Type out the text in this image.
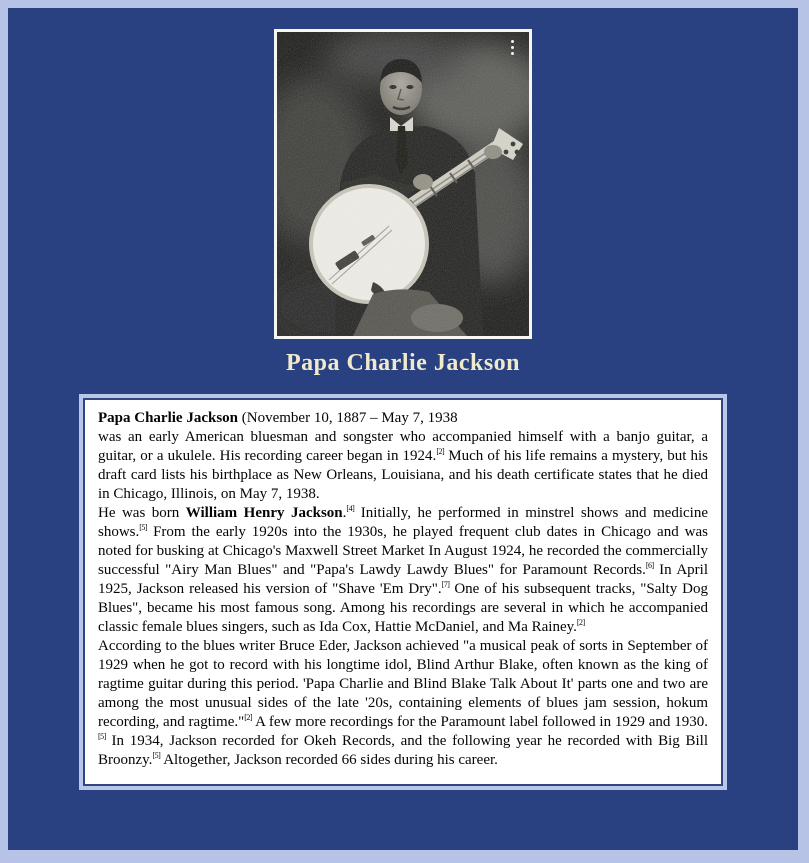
Papa Charlie Jackson

Papa Charlie Jackson (November 10, 1887 – May 7, 1938
was an early American bluesman and songster who accompanied himself with a banjo guitar, a guitar, or a ukulele. His recording career began in 1924.[2] Much of his life remains a mystery, but his draft card lists his birthplace as New Orleans, Louisiana, and his death certificate states that he died in Chicago, Illinois, on May 7, 1938.

He was born William Henry Jackson.[4] Initially, he performed in minstrel shows and medicine shows.[5] From the early 1920s into the 1930s, he played frequent club dates in Chicago and was noted for busking at Chicago's Maxwell Street Market In August 1924, he recorded the commercially successful "Airy Man Blues" and "Papa's Lawdy Lawdy Blues" for Paramount Records.[6] In April 1925, Jackson released his version of "Shave 'Em Dry".[7] One of his subsequent tracks, "Salty Dog Blues", became his most famous song. Among his recordings are several in which he accompanied classic female blues singers, such as Ida Cox, Hattie McDaniel, and Ma Rainey.[2]

According to the blues writer Bruce Eder, Jackson achieved "a musical peak of sorts in September of 1929 when he got to record with his longtime idol, Blind Arthur Blake, often known as the king of ragtime guitar during this period. 'Papa Charlie and Blind Blake Talk About It' parts one and two are among the most unusual sides of the late '20s, containing elements of blues jam session, hokum recording, and ragtime."[2] A few more recordings for the Paramount label followed in 1929 and 1930.[5] In 1934, Jackson recorded for Okeh Records, and the following year he recorded with Big Bill Broonzy.[5] Altogether, Jackson recorded 66 sides during his career.
